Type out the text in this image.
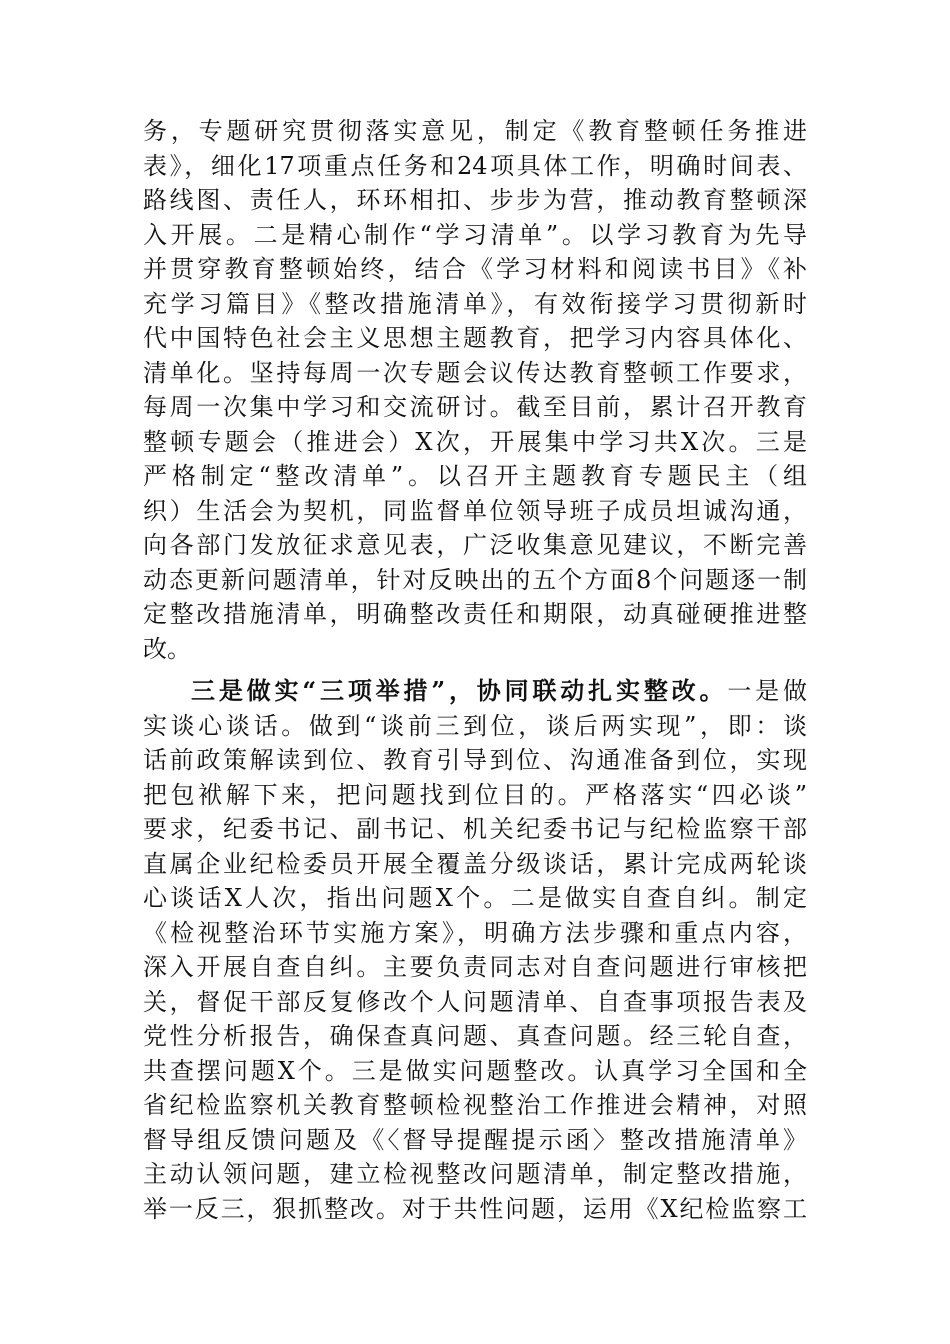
务，专题研究贯彻落实意见，制定《教育整顿任务推进
表》，细化17项重点任务和24项具体工作，明确时间表、
路线图、责任人，环环相扣、步步为营，推动教育整顿深
入开展。二是精心制作“学习清单”。以学习教育为先导
并贯穿教育整顿始终，结合《学习材料和阅读书目》《补
充学习篇目》《整改措施清单》，有效衔接学习贯彻新时
代中国特色社会主义思想主题教育，把学习内容具体化、
清单化。坚持每周一次专题会议传达教育整顿工作要求，
每周一次集中学习和交流研讨。截至目前，累计召开教育
整顿专题会（推进会）X次，开展集中学习共X次。三是
严格制定“整改清单”。以召开主题教育专题民主（组
织）生活会为契机，同监督单位领导班子成员坦诚沟通，
向各部门发放征求意见表，广泛收集意见建议，不断完善
动态更新问题清单，针对反映出的五个方面8个问题逐一制
定整改措施清单，明确整改责任和期限，动真碰硬推进整
改。
三是做实“三项举措”，协同联动扎实整改。一是做
实谈心谈话。做到“谈前三到位，谈后两实现”，即：谈
话前政策解读到位、教育引导到位、沟通准备到位，实现
把包袱解下来，把问题找到位目的。严格落实“四必谈”
要求，纪委书记、副书记、机关纪委书记与纪检监察干部
直属企业纪检委员开展全覆盖分级谈话，累计完成两轮谈
心谈话X人次，指出问题X个。二是做实自查自纠。制定
《检视整治环节实施方案》，明确方法步骤和重点内容，
深入开展自查自纠。主要负责同志对自查问题进行审核把
关，督促干部反复修改个人问题清单、自查事项报告表及
党性分析报告，确保查真问题、真查问题。经三轮自查，
共查摆问题X个。三是做实问题整改。认真学习全国和全
省纪检监察机关教育整顿检视整治工作推进会精神，对照
督导组反馈问题及《〈督导提醒提示函〉整改措施清单》
主动认领问题，建立检视整改问题清单，制定整改措施，
举一反三，狠抓整改。对于共性问题，运用《X纪检监察工
